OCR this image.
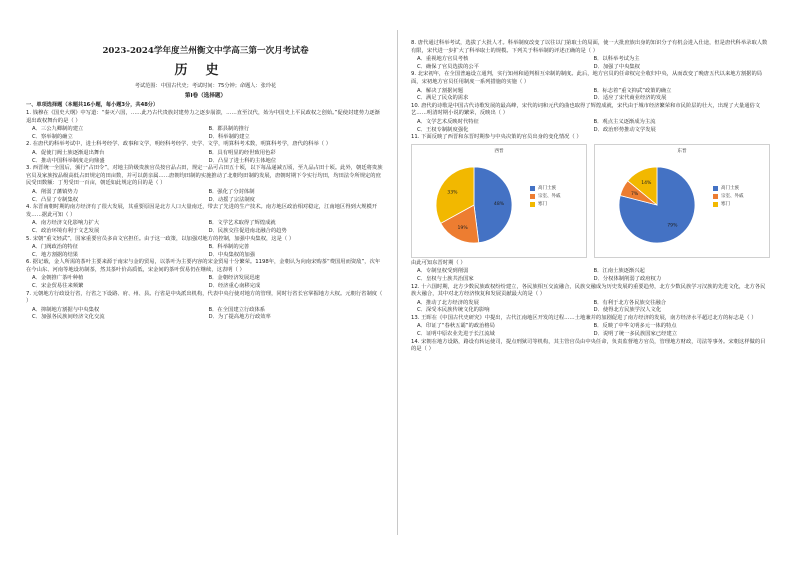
2023-2024学年度兰州衡文中学高三第一次月考试卷
历史
考试范围：中国古代史；考试时间：75分钟；命题人：张玲花
第I卷（选择题）
一、单项选择题（本题共16小题，每小题3分，共48分）
1. 钱穆在《国史大纲》中写道：“秦灭六国，……此乃古代贵族封建势力之逐步崩溃，……直至汉代，始为中国史上平民政权之创始。”促使封建势力逐渐退出政权舞台的是（ ）
A．三公九卿制的建立	B．郡县制的推行
C．察举制的确立	D．科举制的建立
2. 在唐代的科举考试中，进士科考经学、政事和文学，明经科考经学、史学、文学，明算科考术数，明算科考学，唐代的科举（ ）
A．促使门阀士族逐渐退出舞台	B．具有明显的经世致用色彩
C．推动中国科举制度走向鼎盛	D．凸显了进士科的主体地位
3. 西晋统一全国后，颁行“占田令”，对地主阶级贵族官员按官品占田，规定一品可占田五十顷，以下每品递减五顷，至九品占田十顷。此外，朝廷将贵族官员及家族按品级高低占田规定的田亩数，并可以荫亲属……唐朝均田制的实施推动了北朝均田制的发展，唐朝时期下令实行均田，均田法令所规定的庶民受田数额：丁男受田一百亩，朝廷如此规定的目的是（ ）
A．削弱了藩镇势力	B．强化了分封体制
C．凸显了专制集权	D．动摇了宗法制度
4. 东晋南朝时期的南方经济有了很大发展，其重要原因是北方人口大量南迁，带去了先进的生产技术。南方地区政治相对稳定，江南地区得到大规模开发……据此可知（ ）
A．南方经济文化影响力扩大	B．文学艺术取得了辉煌成就
C．政治环境有利于文艺发展	D．民族交往促进南北融合的趋势
5. 宋朝“重文轻武”，国家重要官员多由文官担任。由于这一政策，以加强对地方的控制，加强中央集权，这是（ ）
A．门阀政治的特征	B．科举制的完善
C．地方割据的结果	D．中央集权的加强
6. 据记载，金人所需的茶叶主要来源于南宋与金的贸易，以茶叶为主要内容的宋金贸易十分繁荣。1198年，金朝认为向南宋购茶“费国用而资敌”，次年在今山东、河南等地设坊制茶，然其茶叶价高质低，宋金间的茶叶贸易仍在继续，这表明（ ）
A．金朝推广茶叶种植	B．金朝经济发展迅速
C．宋金贸易往来频繁	D．经济重心南移完成
7. 元朝地方行政设行省，行省之下设路、府、州、县。行省是中央派出机构，代表中央行使对地方的管理，同时行省长官掌握地方大权。元朝行省制度（ ）
A．抑制地方割据与中央集权	B．在全国建立行政体系
C．加强各民族间经济文化交流	D．为了提高地方行政效率
8. 唐代通过科举考试，选拔了大批人才。科举制度改变了以往以门第取士的局面，使一大批庶族出身的知识分子有机会进入仕途，但是唐代科举录取人数有限，宋代进一步扩大了科举取士的规模。下列关于科举制的评述正确的是（ ）
A．重视地方官员考核	B．以科举考试为主
C．确保了官员选拔的公平	D．加强了中央集权
9. 北宋初年，在全国普遍设立通判，实行知州和通判相互牵制的制度。此后，地方官员的任命权完全收归中央，从而改变了晚唐五代以来地方割据的局面，宋初地方官员任用制度一系列措施的实施（ ）
A．解决了割据问题	B．标志着“重文抑武”政策的确立
C．满足了民众的需求	D．适应了宋代商业经济的发展
10. 唐代的诗歌是中国古代诗歌发展的最高峰，宋代的词和元代的曲也取得了辉煌成就，宋代由于城市经济繁荣和市民阶层的壮大，出现了大量通俗文艺……明清时期小说的繁荣，反映出（ ）
A．文学艺术反映时代特征	B．观点主义逐渐成为主流
C．王权专制制度强化	D．政治形势推动文学发展
11. 下面反映了西晋和东晋时期参与中央决策的官员出身的变化情况（ ）
48%
19%
33%
西晋
高门士族
宗室、外戚
寒门
79%
7%
14%
东晋
高门士族
宗室、外戚
寒门
由此可知东晋时期（ ）
A．专制皇权受到削弱	B．江南士族逐渐兴起
C．皇权与士族共治国家	D．分权体制削弱了政府权力
12. 十六国时期，北方少数民族政权纷纷建立，各民族相互交流融合，民族交融成为历史发展的重要趋势，北方少数民族学习汉族的先进文化，北方各民族大融合，其中对北方经济恢复和发展贡献最大的是（ ）
A．推动了北方经济的发展	B．有利于北方各民族交往融合
C．深受本民族传统文化的影响	D．使得北方民族学汉人文化
13. 王晖在《中国古代史研究》中提出，古代江南地区开发的过程……土地兼并的加剧促进了南方经济的发展，南方经济水平超过北方的标志是（ ）
A．印证了“春秋五霸”的政治格局	B．反映了中华文明多元一体的特点
C．证明中原农业先进于长江流域	D．说明了统一多民族国家已经建立
14. 宋朝在地方设路，路设有转运使司，提点刑狱司等机构，其主管官员由中央任命，负责监督地方官员，管理地方财政，司法等事务。宋朝这样做的目的是（ ）
